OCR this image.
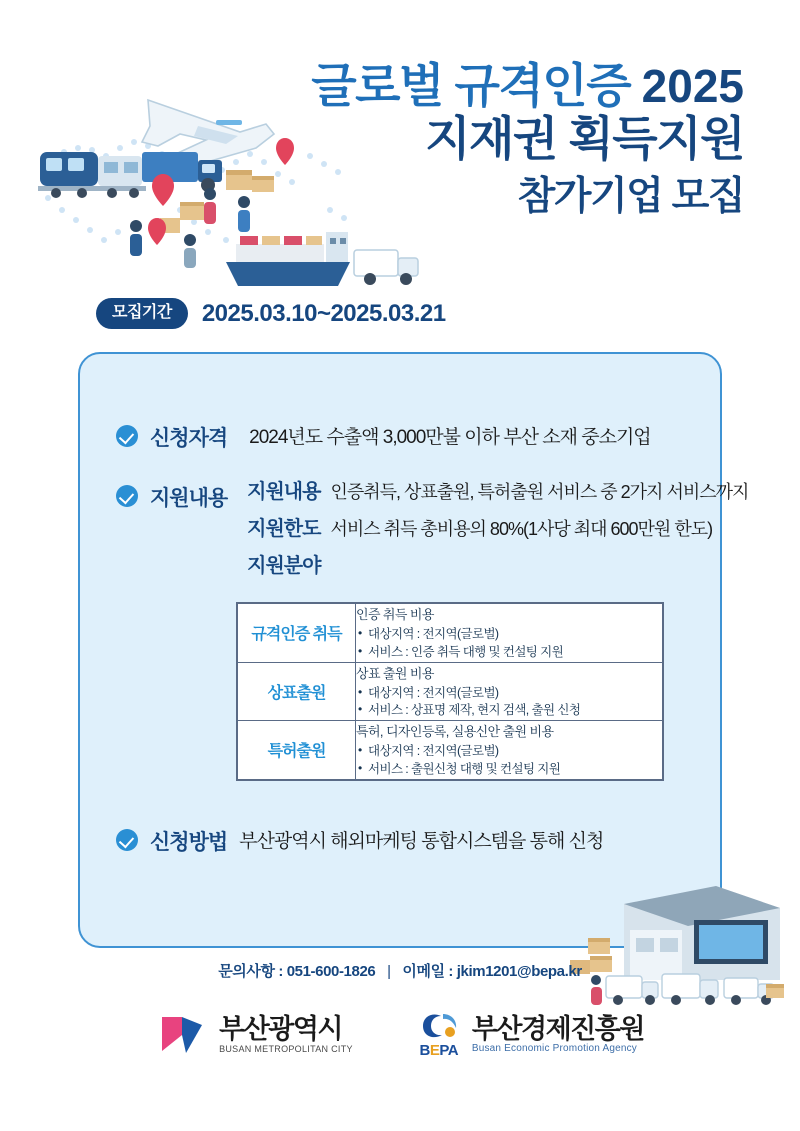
글로벌 규격인증 2025
지재권 획득지원
참가기업 모집
모집기간	2025.03.10~2025.03.21
신청자격 2024년도 수출액 3,000만불 이하 부산 소재 중소기업
지원내용 지원내용 인증취득, 상표출원, 특허출원 서비스 중 2가지 서비스까지
지원한도 서비스 취득 총비용의 80%(1사당 최대 600만원 한도)
지원분야
규격인증 취득	
인증 취득 비용
• 대상지역 : 전지역(글로벌)
• 서비스 : 인증 취득 대행 및 컨설팅 지원

상표출원	
상표 출원 비용
• 대상지역 : 전지역(글로벌)
• 서비스 : 상표명 제작, 현지 검색, 출원 신청

특허출원	
특허, 디자인등록, 실용신안 출원 비용
• 대상지역 : 전지역(글로벌)
• 서비스 : 출원신청 대행 및 컨설팅 지원
신청방법 부산광역시 해외마케팅 통합시스템을 통해 신청
문의사항 : 051-600-1826 | 이메일 : jkim1201@bepa.kr
부산광역시
BUSAN METROPOLITAN CITY	BEPA
부산경제진흥원
Busan Economic Promotion Agency
